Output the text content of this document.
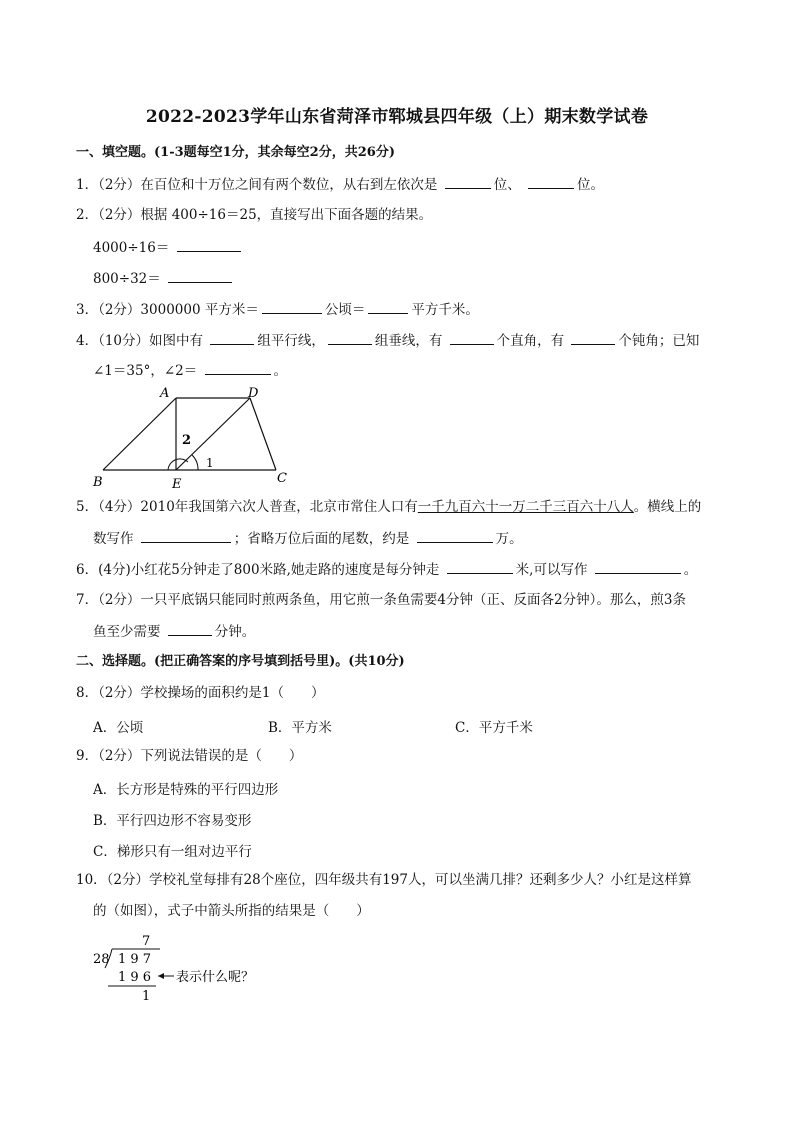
2022-2023学年山东省菏泽市郓城县四年级（上）期末数学试卷
一、填空题。(1-3题每空1分，其余每空2分，共26分)
1．（2分）在百位和十万位之间有两个数位，从右到左依次是	位、	位。
2．（2分）根据 400÷16＝25，直接写出下面各题的结果。
4000÷16＝
800÷32＝
3．（2分）3000000 平方米＝	公顷＝	平方千米。
4．（10分）如图中有	组平行线，	组垂线，有	个直角，有	个钝角；已知
∠1＝35°，∠2＝	。
A	D
B	E	C
2
1
5．（4分）2010年我国第六次人普查，北京市常住人口有一千九百六十一万二千三百六十八人。横线上的
数写作	；省略万位后面的尾数，约是	万。
6．(4分)小红花5分钟走了800米路,她走路的速度是每分钟走	米,可以写作	。
7．（2分）一只平底锅只能同时煎两条鱼，用它煎一条鱼需要4分钟（正、反面各2分钟）。那么，煎3条
鱼至少需要	分钟。
二、选择题。(把正确答案的序号填到括号里)。(共10分)
8．（2分）学校操场的面积约是1（　　）
A．公顷	B．平方米	C．平方千米
9．（2分）下列说法错误的是（　　）
A．长方形是特殊的平行四边形
B．平行四边形不容易变形
C．梯形只有一组对边平行
10．（2分）学校礼堂每排有28个座位，四年级共有197人，可以坐满几排？还剩多少人？小红是这样算
的（如图），式子中箭头所指的结果是（　　）
7
28 1 9 7
1 9 6
1
表示什么呢？
